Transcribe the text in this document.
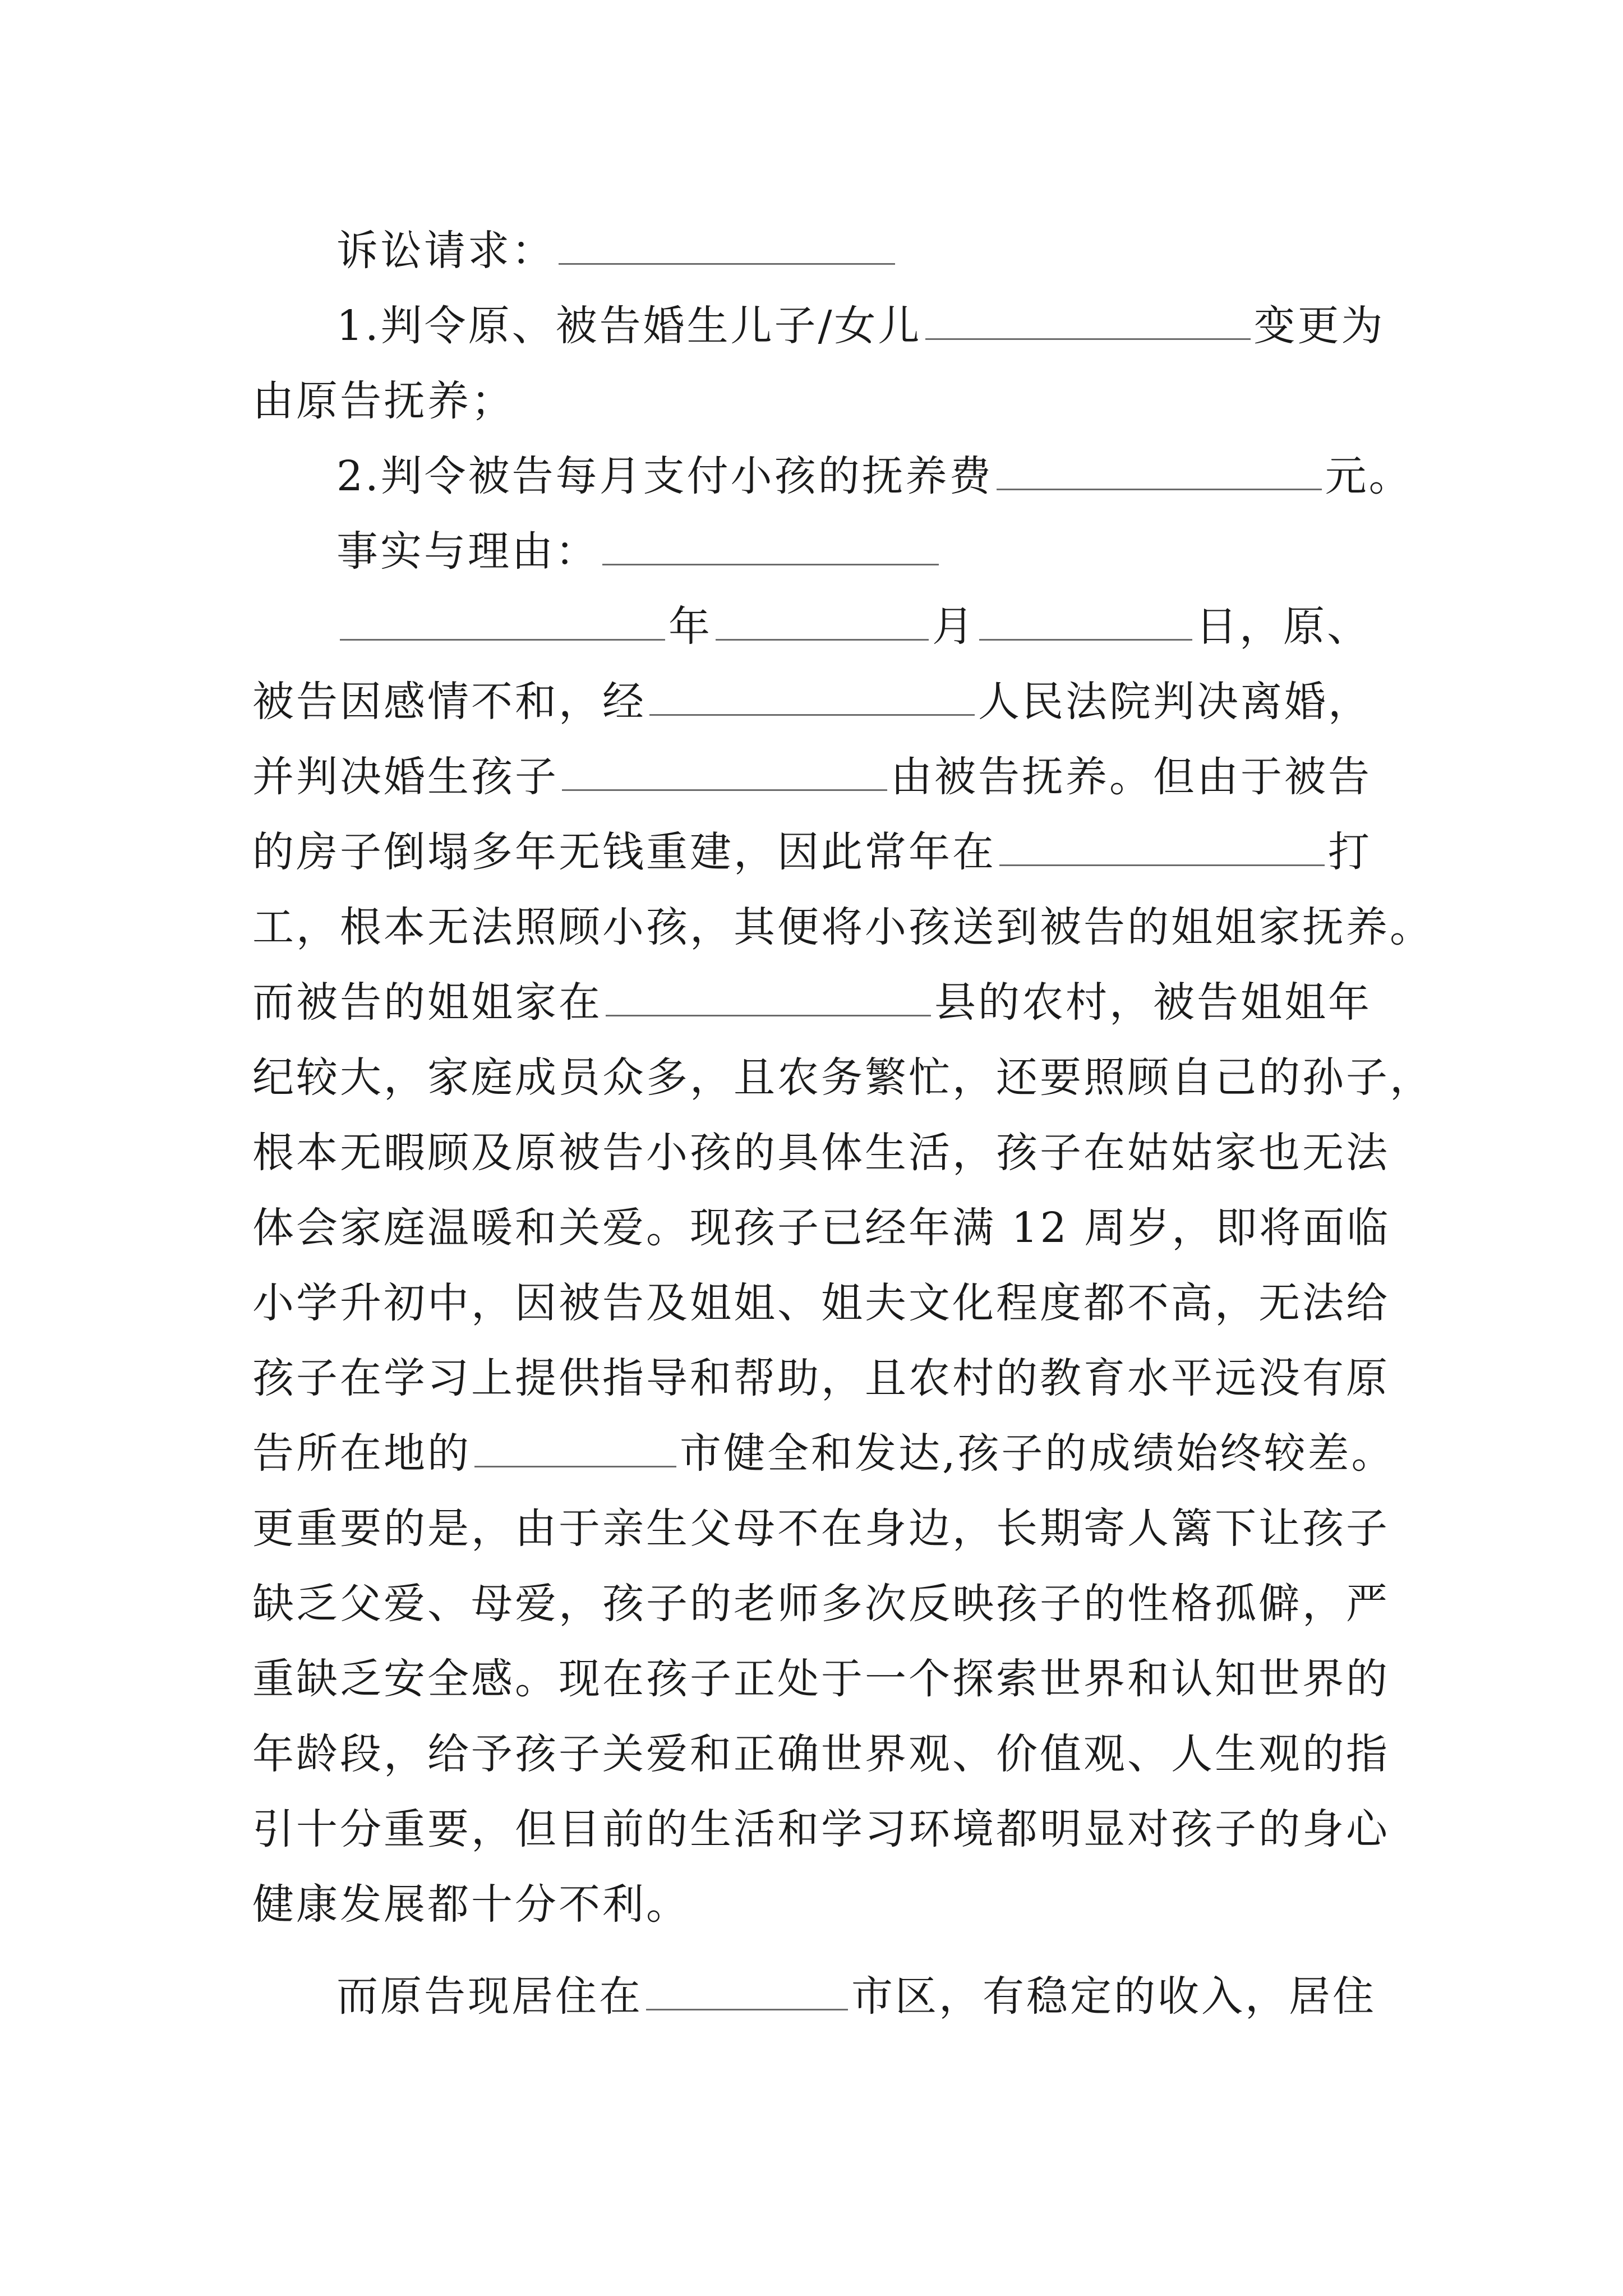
诉讼请求：
1.判令原、被告婚生儿子/女儿	变更为
由原告抚养；
2.判令被告每月支付小孩的抚养费	元。
事实与理由：
年	月	日，原、
被告因感情不和，经	人民法院判决离婚，
并判决婚生孩子	由被告抚养。但由于被告
的房子倒塌多年无钱重建，因此常年在	打
工，根本无法照顾小孩，其便将小孩送到被告的姐姐家抚养。
而被告的姐姐家在	县的农村，被告姐姐年
纪较大，家庭成员众多，且农务繁忙，还要照顾自己的孙子，
根本无暇顾及原被告小孩的具体生活，孩子在姑姑家也无法
体会家庭温暖和关爱。现孩子已经年满 12 周岁，即将面临
小学升初中，因被告及姐姐、姐夫文化程度都不高，无法给
孩子在学习上提供指导和帮助，且农村的教育水平远没有原
告所在地的	市健全和发达,孩子的成绩始终较差。
更重要的是，由于亲生父母不在身边，长期寄人篱下让孩子
缺乏父爱、母爱，孩子的老师多次反映孩子的性格孤僻，严
重缺乏安全感。现在孩子正处于一个探索世界和认知世界的
年龄段，给予孩子关爱和正确世界观、价值观、人生观的指
引十分重要，但目前的生活和学习环境都明显对孩子的身心
健康发展都十分不利。
而原告现居住在	市区，有稳定的收入，居住
